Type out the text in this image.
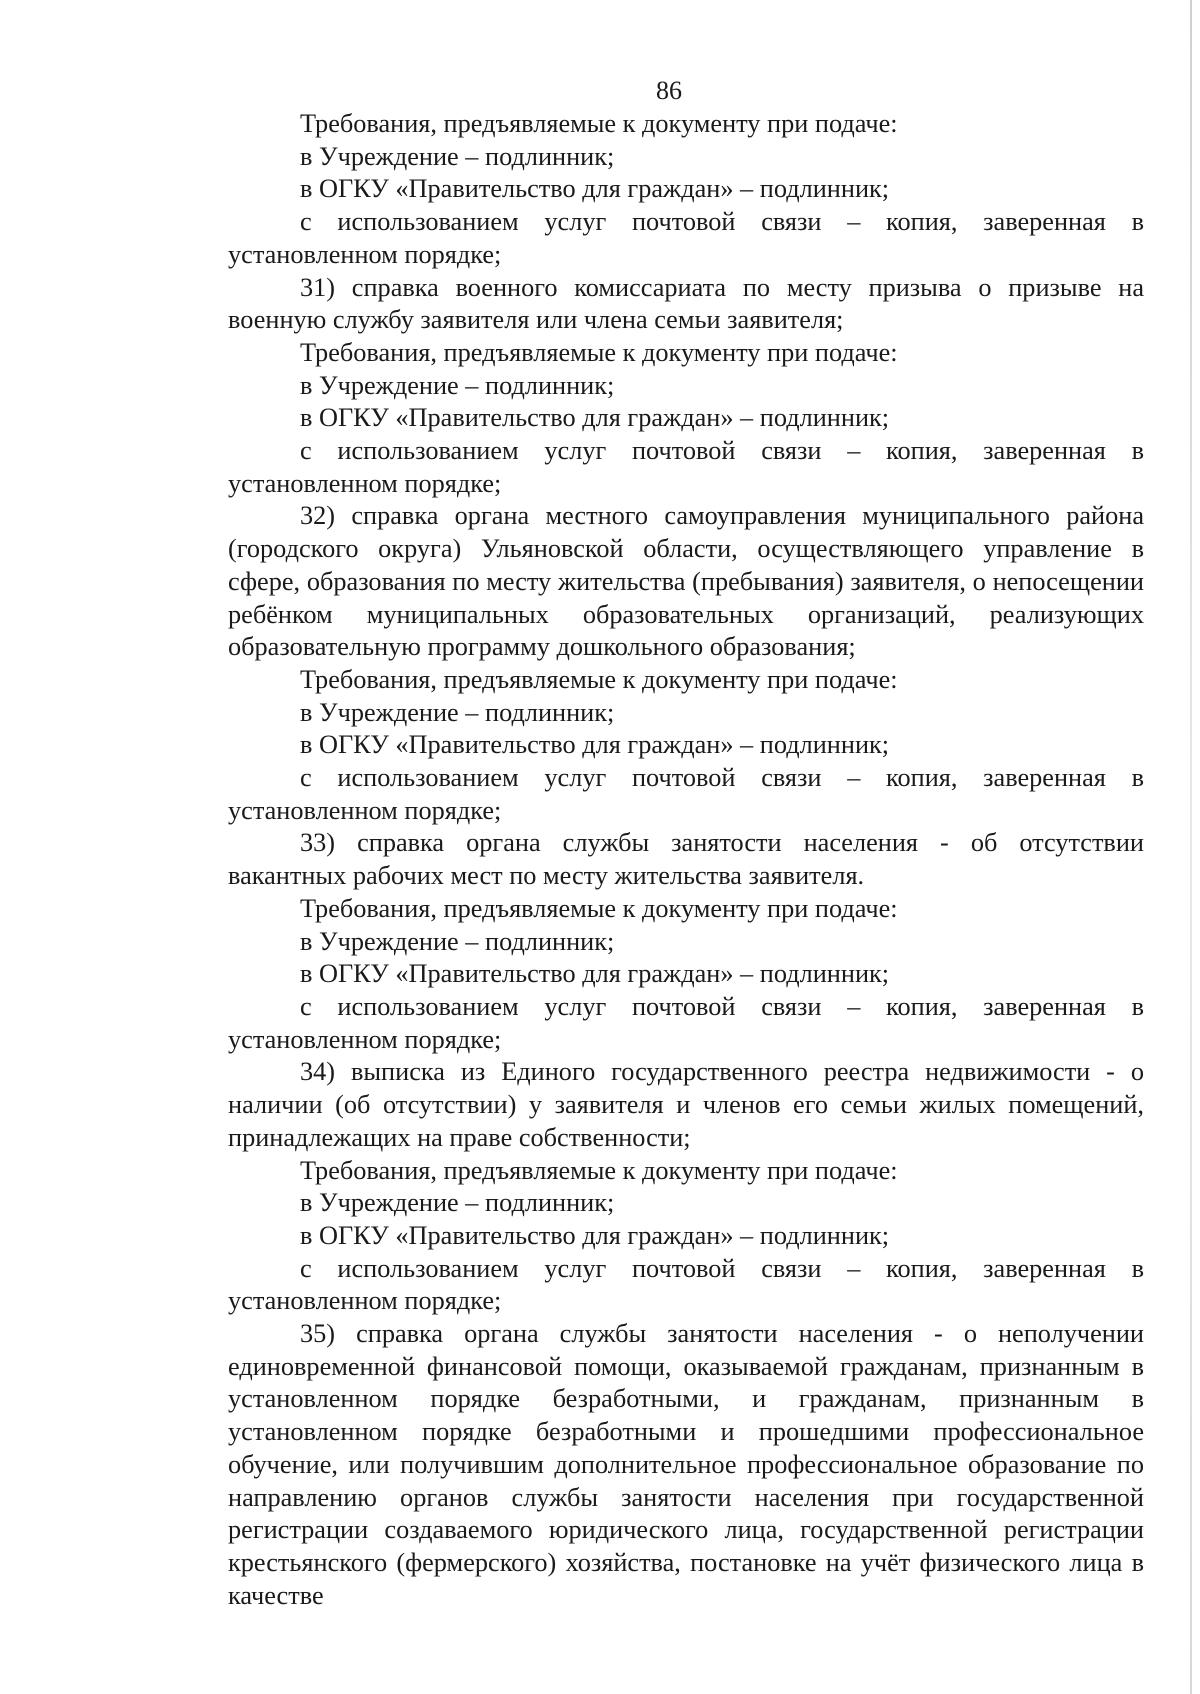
86

Требования, предъявляемые к документу при подаче:

в Учреждение – подлинник;

в ОГКУ «Правительство для граждан» – подлинник;

с использованием услуг почтовой связи – копия, заверенная в установленном порядке;

31) справка военного комиссариата по месту призыва о призыве на военную службу заявителя или члена семьи заявителя;

Требования, предъявляемые к документу при подаче:

в Учреждение – подлинник;

в ОГКУ «Правительство для граждан» – подлинник;

с использованием услуг почтовой связи – копия, заверенная в установленном порядке;

32) справка органа местного самоуправления муниципального района (городского округа) Ульяновской области, осуществляющего управление в сфере, образования по месту жительства (пребывания) заявителя, о непосещении ребёнком муниципальных образовательных организаций, реализующих образовательную программу дошкольного образования;

Требования, предъявляемые к документу при подаче:

в Учреждение – подлинник;

в ОГКУ «Правительство для граждан» – подлинник;

с использованием услуг почтовой связи – копия, заверенная в установленном порядке;

33) справка органа службы занятости населения - об отсутствии вакантных рабочих мест по месту жительства заявителя.

Требования, предъявляемые к документу при подаче:

в Учреждение – подлинник;

в ОГКУ «Правительство для граждан» – подлинник;

с использованием услуг почтовой связи – копия, заверенная в установленном порядке;

34) выписка из Единого государственного реестра недвижимости - о наличии (об отсутствии) у заявителя и членов его семьи жилых помещений, принадлежащих на праве собственности;

Требования, предъявляемые к документу при подаче:

в Учреждение – подлинник;

в ОГКУ «Правительство для граждан» – подлинник;

с использованием услуг почтовой связи – копия, заверенная в установленном порядке;

35) справка органа службы занятости населения - о неполучении единовременной финансовой помощи, оказываемой гражданам, признанным в установленном порядке безработными, и гражданам, признанным в установленном порядке безработными и прошедшими профессиональное обучение, или получившим дополнительное профессиональное образование по направлению органов службы занятости населения при государственной регистрации создаваемого юридического лица, государственной регистрации крестьянского (фермерского) хозяйства, постановке на учёт физического лица в качестве
